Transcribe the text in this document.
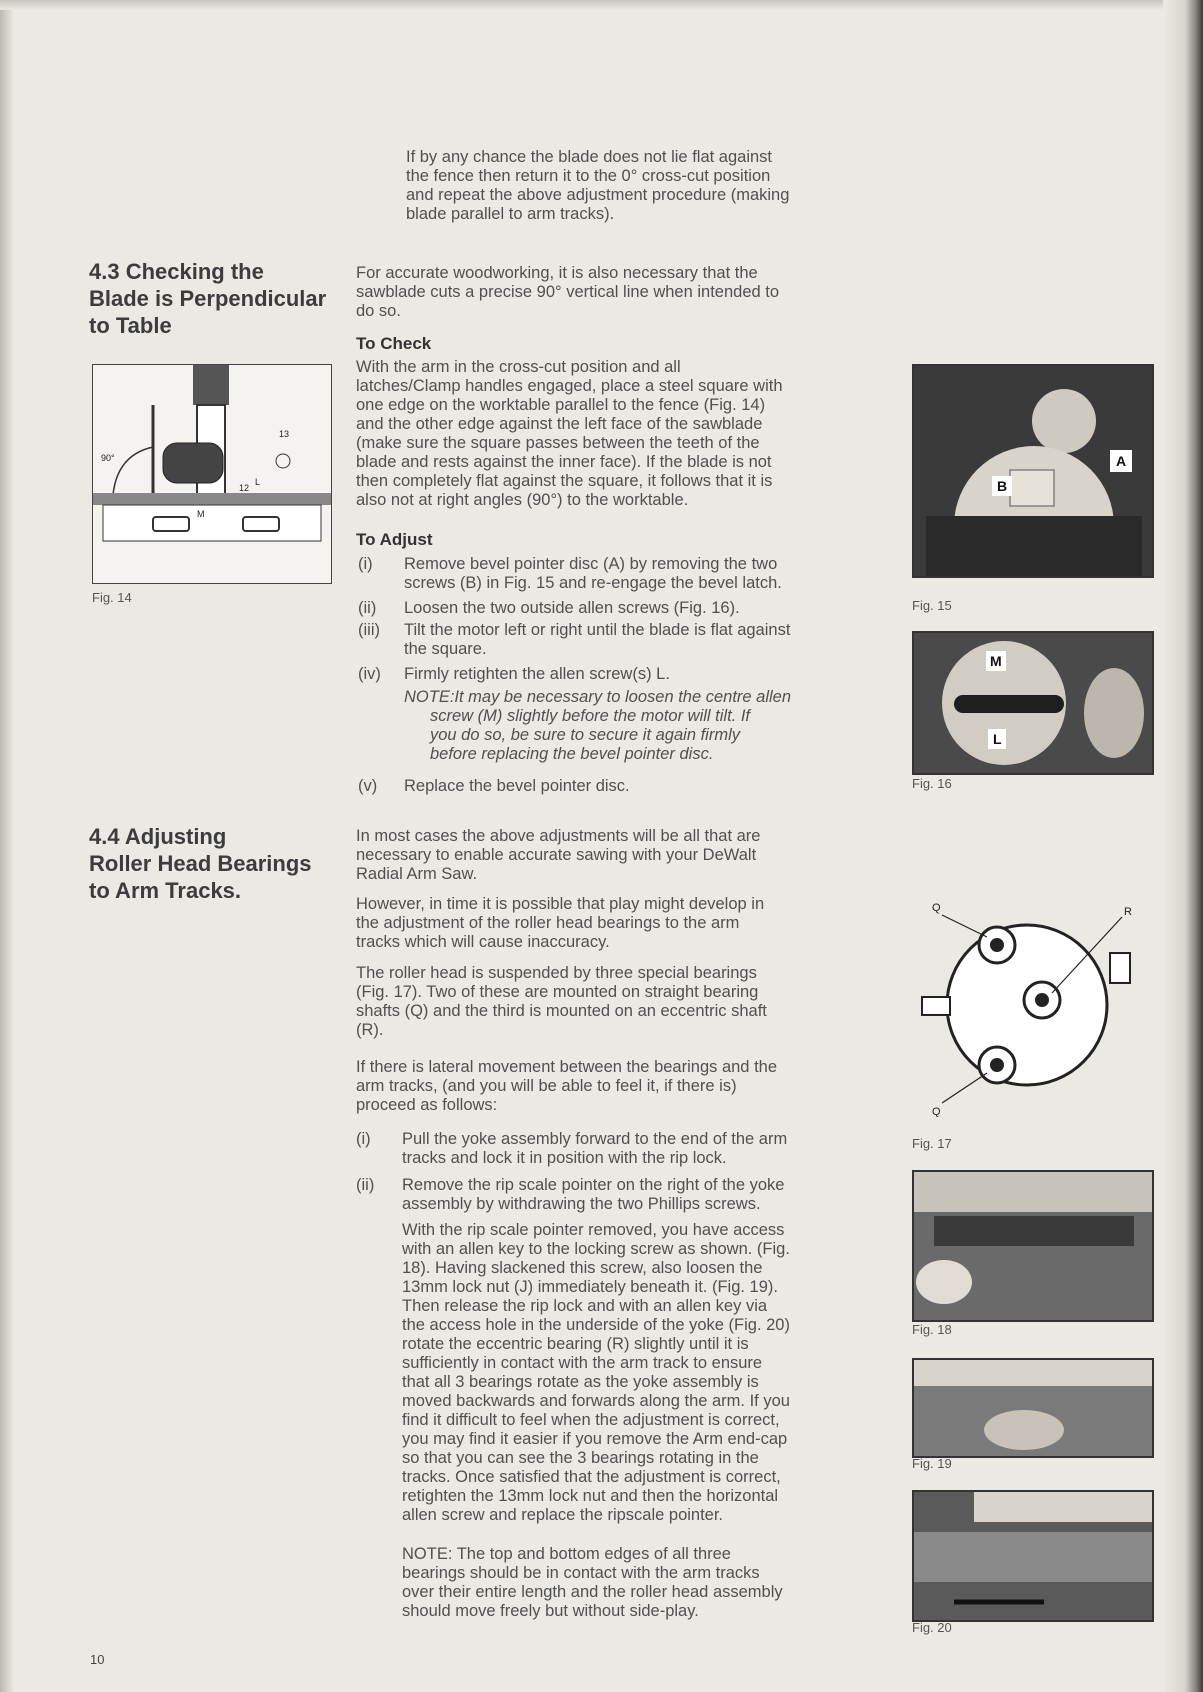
If by any chance the blade does not lie flat against
the fence then return it to the 0° cross-cut position
and repeat the above adjustment procedure (making
blade parallel to arm tracks).
4.3 Checking the
Blade is Perpendicular
to Table
For accurate woodworking, it is also necessary that the
sawblade cuts a precise 90° vertical line when intended to
do so.
To Check
With the arm in the cross-cut position and all
latches/Clamp handles engaged, place a steel square with
one edge on the worktable parallel to the fence (Fig. 14)
and the other edge against the left face of the sawblade
(make sure the square passes between the teeth of the
blade and rests against the inner face). If the blade is not
then completely flat against the square, it follows that it is
also not at right angles (90°) to the worktable.
To Adjust
(i) Remove bevel pointer disc (A) by removing the two
screws (B) in Fig. 15 and re-engage the bevel latch.
(ii) Loosen the two outside allen screws (Fig. 16).
(iii) Tilt the motor left or right until the blade is flat against
the square.
(iv) Firmly retighten the allen screw(s) L.
NOTE:It may be necessary to loosen the centre allen
screw (M) slightly before the motor will tilt. If
you do so, be sure to secure it again firmly
before replacing the bevel pointer disc.
(v) Replace the bevel pointer disc.
4.4 Adjusting
Roller Head Bearings
to Arm Tracks.
In most cases the above adjustments will be all that are
necessary to enable accurate sawing with your DeWalt
Radial Arm Saw.
However, in time it is possible that play might develop in
the adjustment of the roller head bearings to the arm
tracks which will cause inaccuracy.
The roller head is suspended by three special bearings
(Fig. 17). Two of these are mounted on straight bearing
shafts (Q) and the third is mounted on an eccentric shaft
(R).
If there is lateral movement between the bearings and the
arm tracks, (and you will be able to feel it, if there is)
proceed as follows:
(i) Pull the yoke assembly forward to the end of the arm
tracks and lock it in position with the rip lock.
(ii) Remove the rip scale pointer on the right of the yoke
assembly by withdrawing the two Phillips screws.
With the rip scale pointer removed, you have access
with an allen key to the locking screw as shown. (Fig.
18). Having slackened this screw, also loosen the
13mm lock nut (J) immediately beneath it. (Fig. 19).
Then release the rip lock and with an allen key via
the access hole in the underside of the yoke (Fig. 20)
rotate the eccentric bearing (R) slightly until it is
sufficiently in contact with the arm track to ensure
that all 3 bearings rotate as the yoke assembly is
moved backwards and forwards along the arm. If you
find it difficult to feel when the adjustment is correct,
you may find it easier if you remove the Arm end-cap
so that you can see the 3 bearings rotating in the
tracks. Once satisfied that the adjustment is correct,
retighten the 13mm lock nut and then the horizontal
allen screw and replace the ripscale pointer.
NOTE: The top and bottom edges of all three
bearings should be in contact with the arm tracks
over their entire length and the roller head assembly
should move freely but without side-play.
90°
13
12
L
M
Fig. 14
A
B
Fig. 15
M
L
Fig. 16
Q	R
Q
Fig. 17
Fig. 18
Fig. 19
Fig. 20
10
